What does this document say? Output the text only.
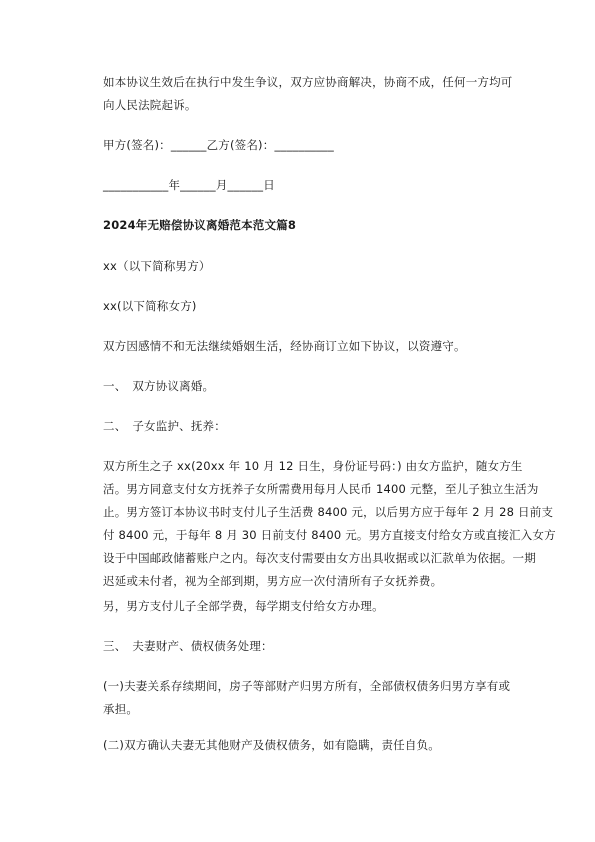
如本协议生效后在执行中发生争议，双方应协商解决，协商不成，任何一方均可
向人民法院起诉。
甲方(签名)：______乙方(签名)：__________
___________年______月______日
2024年无赔偿协议离婚范本范文篇8
xx（以下简称男方）
xx(以下简称女方)
双方因感情不和无法继续婚姻生活，经协商订立如下协议，以资遵守。
一、　双方协议离婚。
二、　子女监护、抚养：
双方所生之子 xx(20xx 年 10 月 12 日生，身份证号码：) 由女方监护，随女方生
活。男方同意支付女方抚养子女所需费用每月人民币 1400 元整，至儿子独立生活为
止。男方签订本协议书时支付儿子生活费 8400 元，以后男方应于每年 2 月 28 日前支
付 8400 元，于每年 8 月 30 日前支付 8400 元。男方直接支付给女方或直接汇入女方
设于中国邮政储蓄账户之内。每次支付需要由女方出具收据或以汇款单为依据。一期
迟延或未付者，视为全部到期，男方应一次付清所有子女抚养费。
另，男方支付儿子全部学费，每学期支付给女方办理。
三、　夫妻财产、债权债务处理：
(一)夫妻关系存续期间，房子等部财产归男方所有，全部债权债务归男方享有或
承担。
(二)双方确认夫妻无其他财产及债权债务，如有隐瞒，责任自负。
